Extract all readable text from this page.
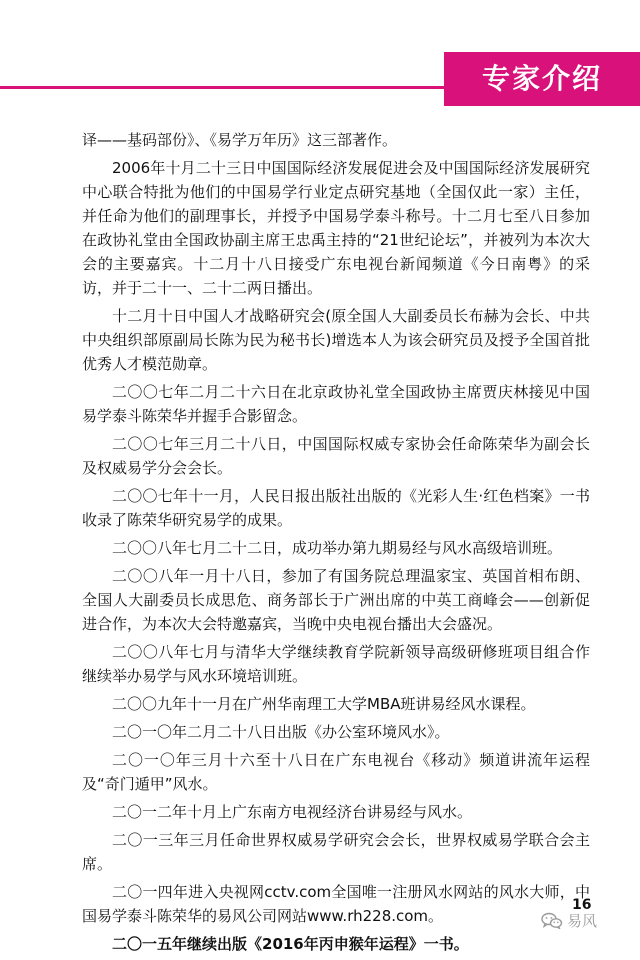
专家介绍

译——基码部份》、《易学万年历》这三部著作。

2006年十月二十三日中国国际经济发展促进会及中国国际经济发展研究中心联合特批为他们的中国易学行业定点研究基地（全国仅此一家）主任，并任命为他们的副理事长，并授予中国易学泰斗称号。十二月七至八日参加在政协礼堂由全国政协副主席王忠禹主持的“21世纪论坛”，并被列为本次大会的主要嘉宾。十二月十八日接受广东电视台新闻频道《今日南粤》的采访，并于二十一、二十二两日播出。

十二月十日中国人才战略研究会(原全国人大副委员长布赫为会长、中共中央组织部原副局长陈为民为秘书长)增选本人为该会研究员及授予全国首批优秀人才模范勋章。

二〇〇七年二月二十六日在北京政协礼堂全国政协主席贾庆林接见中国易学泰斗陈荣华并握手合影留念。

二〇〇七年三月二十八日，中国国际权威专家协会任命陈荣华为副会长及权威易学分会会长。

二〇〇七年十一月，人民日报出版社出版的《光彩人生·红色档案》一书收录了陈荣华研究易学的成果。

二〇〇八年七月二十二日，成功举办第九期易经与风水高级培训班。

二〇〇八年一月十八日，参加了有国务院总理温家宝、英国首相布朗、全国人大副委员长成思危、商务部长于广洲出席的中英工商峰会——创新促进合作，为本次大会特邀嘉宾，当晚中央电视台播出大会盛况。

二〇〇八年七月与清华大学继续教育学院新领导高级研修班项目组合作继续举办易学与风水环境培训班。

二〇〇九年十一月在广州华南理工大学MBA班讲易经风水课程。

二〇一〇年二月二十八日出版《办公室环境风水》。

二〇一〇年三月十六至十八日在广东电视台《移动》频道讲流年运程及“奇门遁甲”风水。

二〇一二年十月上广东南方电视经济台讲易经与风水。

二〇一三年三月任命世界权威易学研究会会长，世界权威易学联合会主席。

二〇一四年进入央视网cctv.com全国唯一注册风水网站的风水大师，中国易学泰斗陈荣华的易风公司网站www.rh228.com。

二〇一五年继续出版《2016年丙申猴年运程》一书。

16
易风
